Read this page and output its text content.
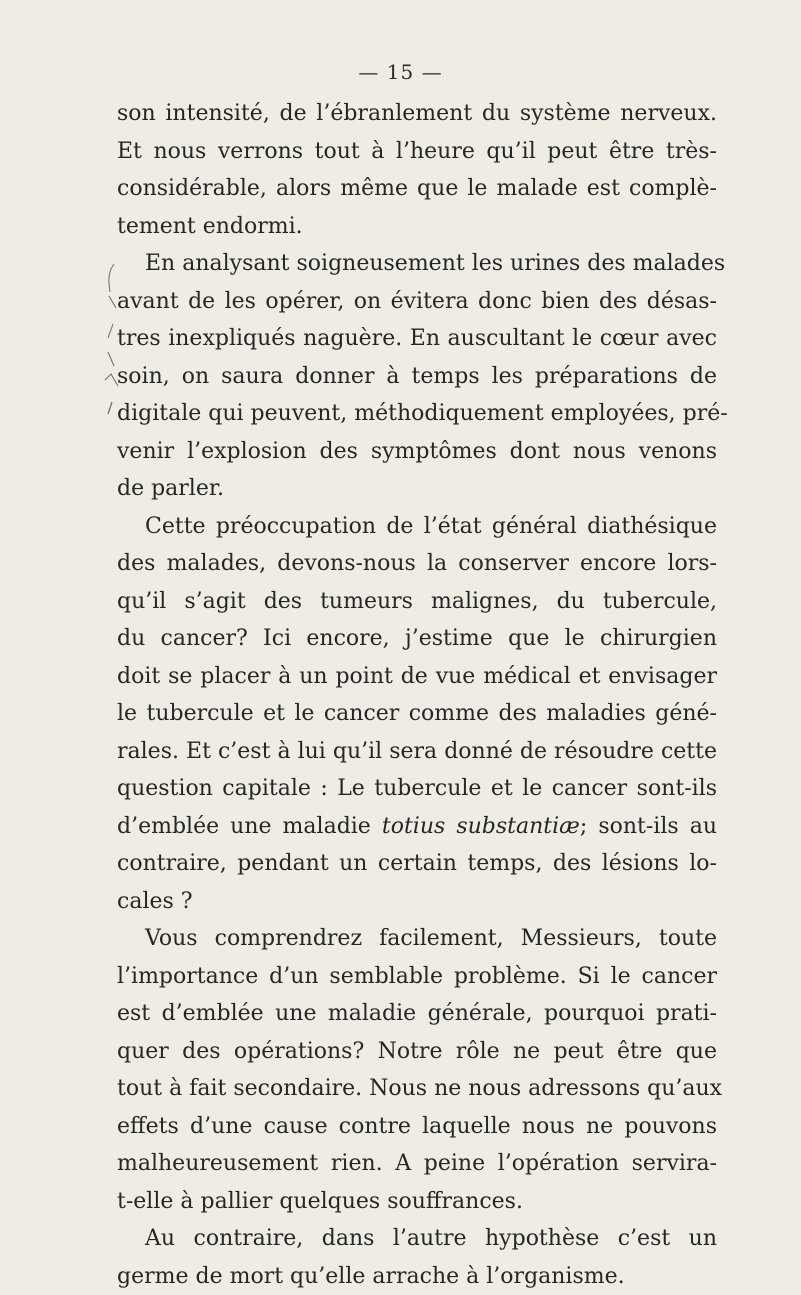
— 15 —
son intensité, de l’ébranlement du système nerveux.
Et nous verrons tout à l’heure qu’il peut être très-
considérable, alors même que le malade est complè-
tement endormi.
En analysant soigneusement les urines des malades
avant de les opérer, on évitera donc bien des désas-
tres inexpliqués naguère. En auscultant le cœur avec
soin, on saura donner à temps les préparations de
digitale qui peuvent, méthodiquement employées, pré-
venir l’explosion des symptômes dont nous venons
de parler.
Cette préoccupation de l’état général diathésique
des malades, devons-nous la conserver encore lors-
qu’il s’agit des tumeurs malignes, du tubercule,
du cancer? Ici encore, j’estime que le chirurgien
doit se placer à un point de vue médical et envisager
le tubercule et le cancer comme des maladies géné-
rales. Et c’est à lui qu’il sera donné de résoudre cette
question capitale : Le tubercule et le cancer sont-ils
d’emblée une maladie totius substantiæ; sont-ils au
contraire, pendant un certain temps, des lésions lo-
cales ?
Vous comprendrez facilement, Messieurs, toute
l’importance d’un semblable problème. Si le cancer
est d’emblée une maladie générale, pourquoi prati-
quer des opérations? Notre rôle ne peut être que
tout à fait secondaire. Nous ne nous adressons qu’aux
effets d’une cause contre laquelle nous ne pouvons
malheureusement rien. A peine l’opération servira-
t-elle à pallier quelques souffrances.
Au contraire, dans l’autre hypothèse c’est un
germe de mort qu’elle arrache à l’organisme.
